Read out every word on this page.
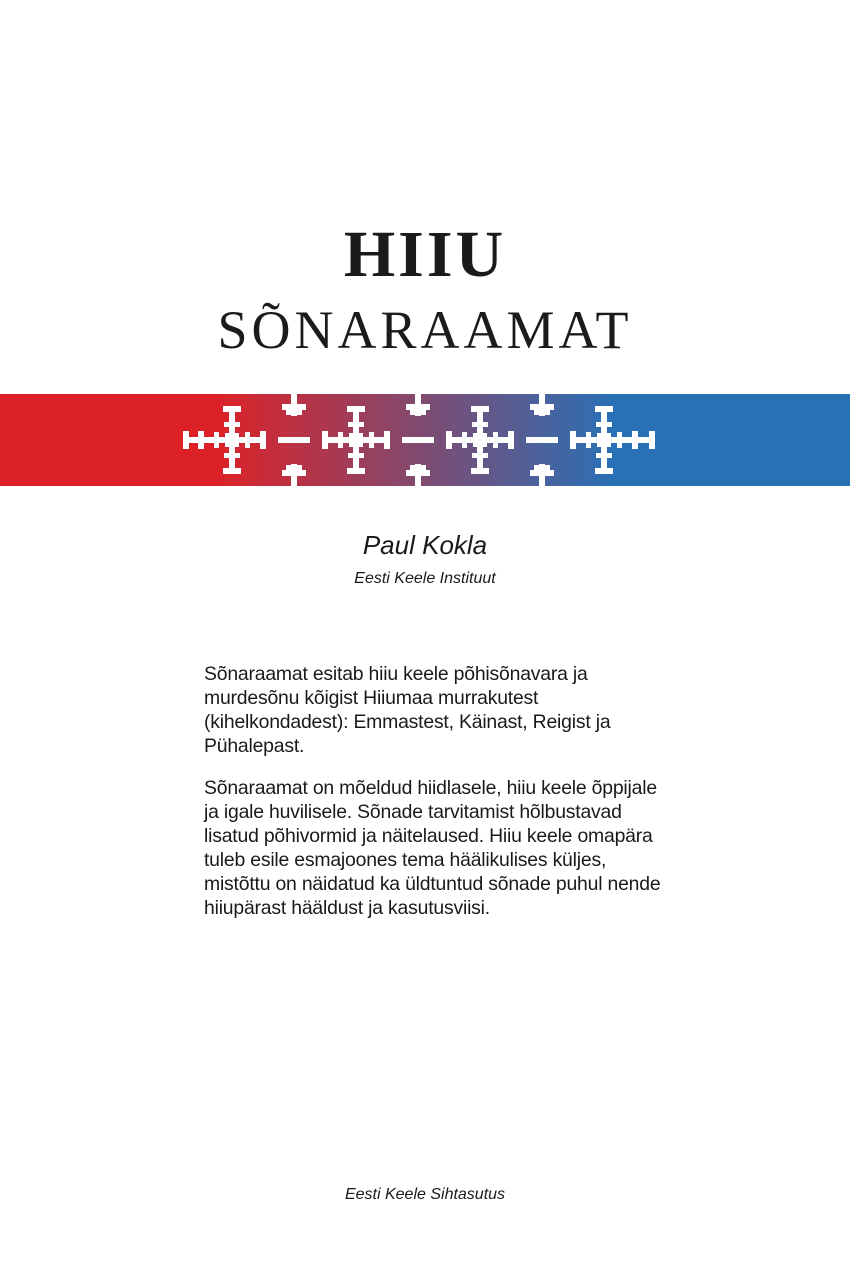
HIIU
SÕNARAAMAT
Paul Kokla
Eesti Keele Instituut

Sõnaraamat esitab hiiu keele põhisõnavara ja murdesõnu kõigist Hiiumaa murrakutest (kihelkondadest): Emmastest, Käinast, Reigist ja Pühalepast.

Sõnaraamat on mõeldud hiidlasele, hiiu keele õppijale ja igale huvilisele. Sõnade tarvitamist hõlbustavad lisatud põhivormid ja näitelaused. Hiiu keele omapära tuleb esile esmajoones tema häälikulises küljes, mistõttu on näidatud ka üldtuntud sõnade puhul nende hiiupärast hääldust ja kasutusviisi.

Eesti Keele Sihtasutus
